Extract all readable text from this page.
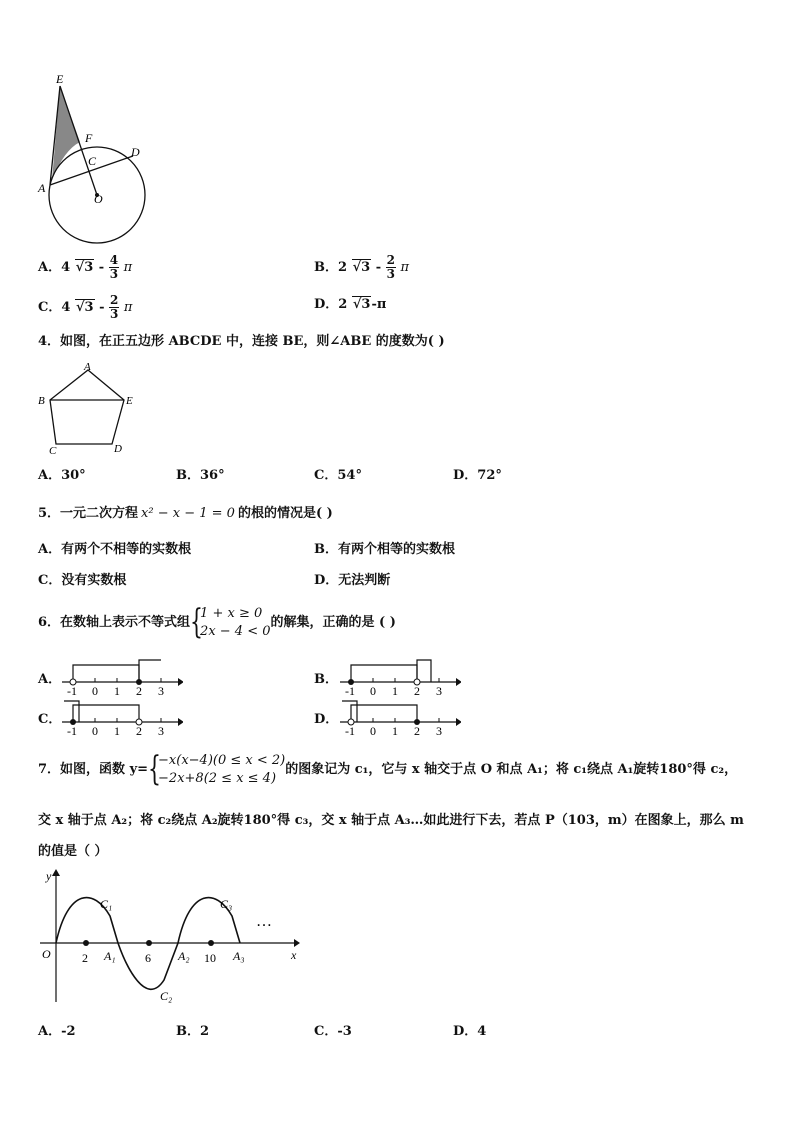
E
F
C
D
A
O
A．4 $√3 - \frac{4}{3}$ π	B．2 $√3 - \frac{2}{3}$ π
C．4 $√3 - \frac{2}{3}$ π	D．2 √3-π
4．如图，在正五边形 ABCDE 中，连接 BE，则∠ABE 的度数为( )
A
B	E
C	D
A．30°	B．36°	C．54°	D．72°
5．一元二次方程 x² − x − 1 = 0 的根的情况是( )
A．有两个不相等的实数根	B．有两个相等的实数根
C．没有实数根	D．无法判断
6．在数轴上表示不等式组 {
1 + x ≥ 0
2x − 4 < 0
的解集，正确的是 ( )
A．
-1 0 1 2 3
B．
-1 0 1 2 3
C．
-1 0 1 2 3
D．
-1 0 1 2 3
7．如图，函数 y= {
−x(x−4)(0 ≤ x < 2)
−2x+8(2 ≤ x ≤ 4)
的图象记为 c₁，它与 x 轴交于点 O 和点 A₁；将 c₁绕点 A₁旋转180°得 c₂，
交 x 轴于点 A₂；将 c₂绕点 A₂旋转180°得 c₃，交 x 轴于点 A₃…如此进行下去，若点 P（103，m）在图象上，那么 m
的值是（ ）
y
x
O
C₁
C₂
C₃
A₁	A₂	A₃
2	6	10
…
A．-2	B．2	C．-3	D．4
